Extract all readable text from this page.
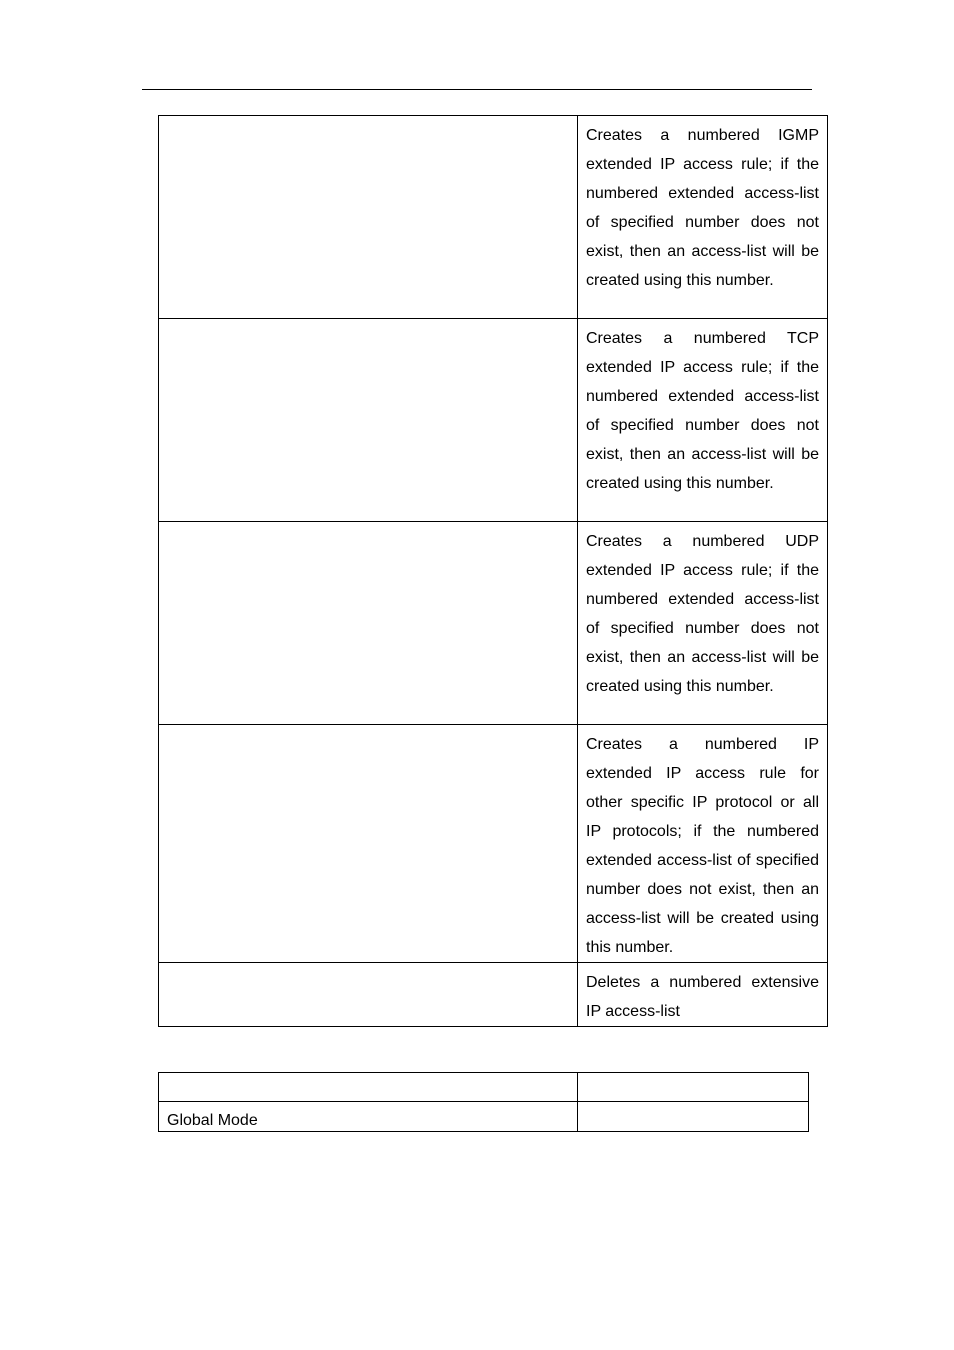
	Creates a numbered IGMP extended IP access rule; if the numbered extended access-list of specified number does not exist, then an access-list will be created using this number.
	Creates a numbered TCP extended IP access rule; if the numbered extended access-list of specified number does not exist, then an access-list will be created using this number.
	Creates a numbered UDP extended IP access rule; if the numbered extended access-list of specified number does not exist, then an access-list will be created using this number.
	Creates a numbered IP extended IP access rule for other specific IP protocol or all IP protocols; if the numbered extended access-list of specified number does not exist, then an access-list will be created using this number.
	Deletes a numbered extensive IP access-list

Global Mode	
